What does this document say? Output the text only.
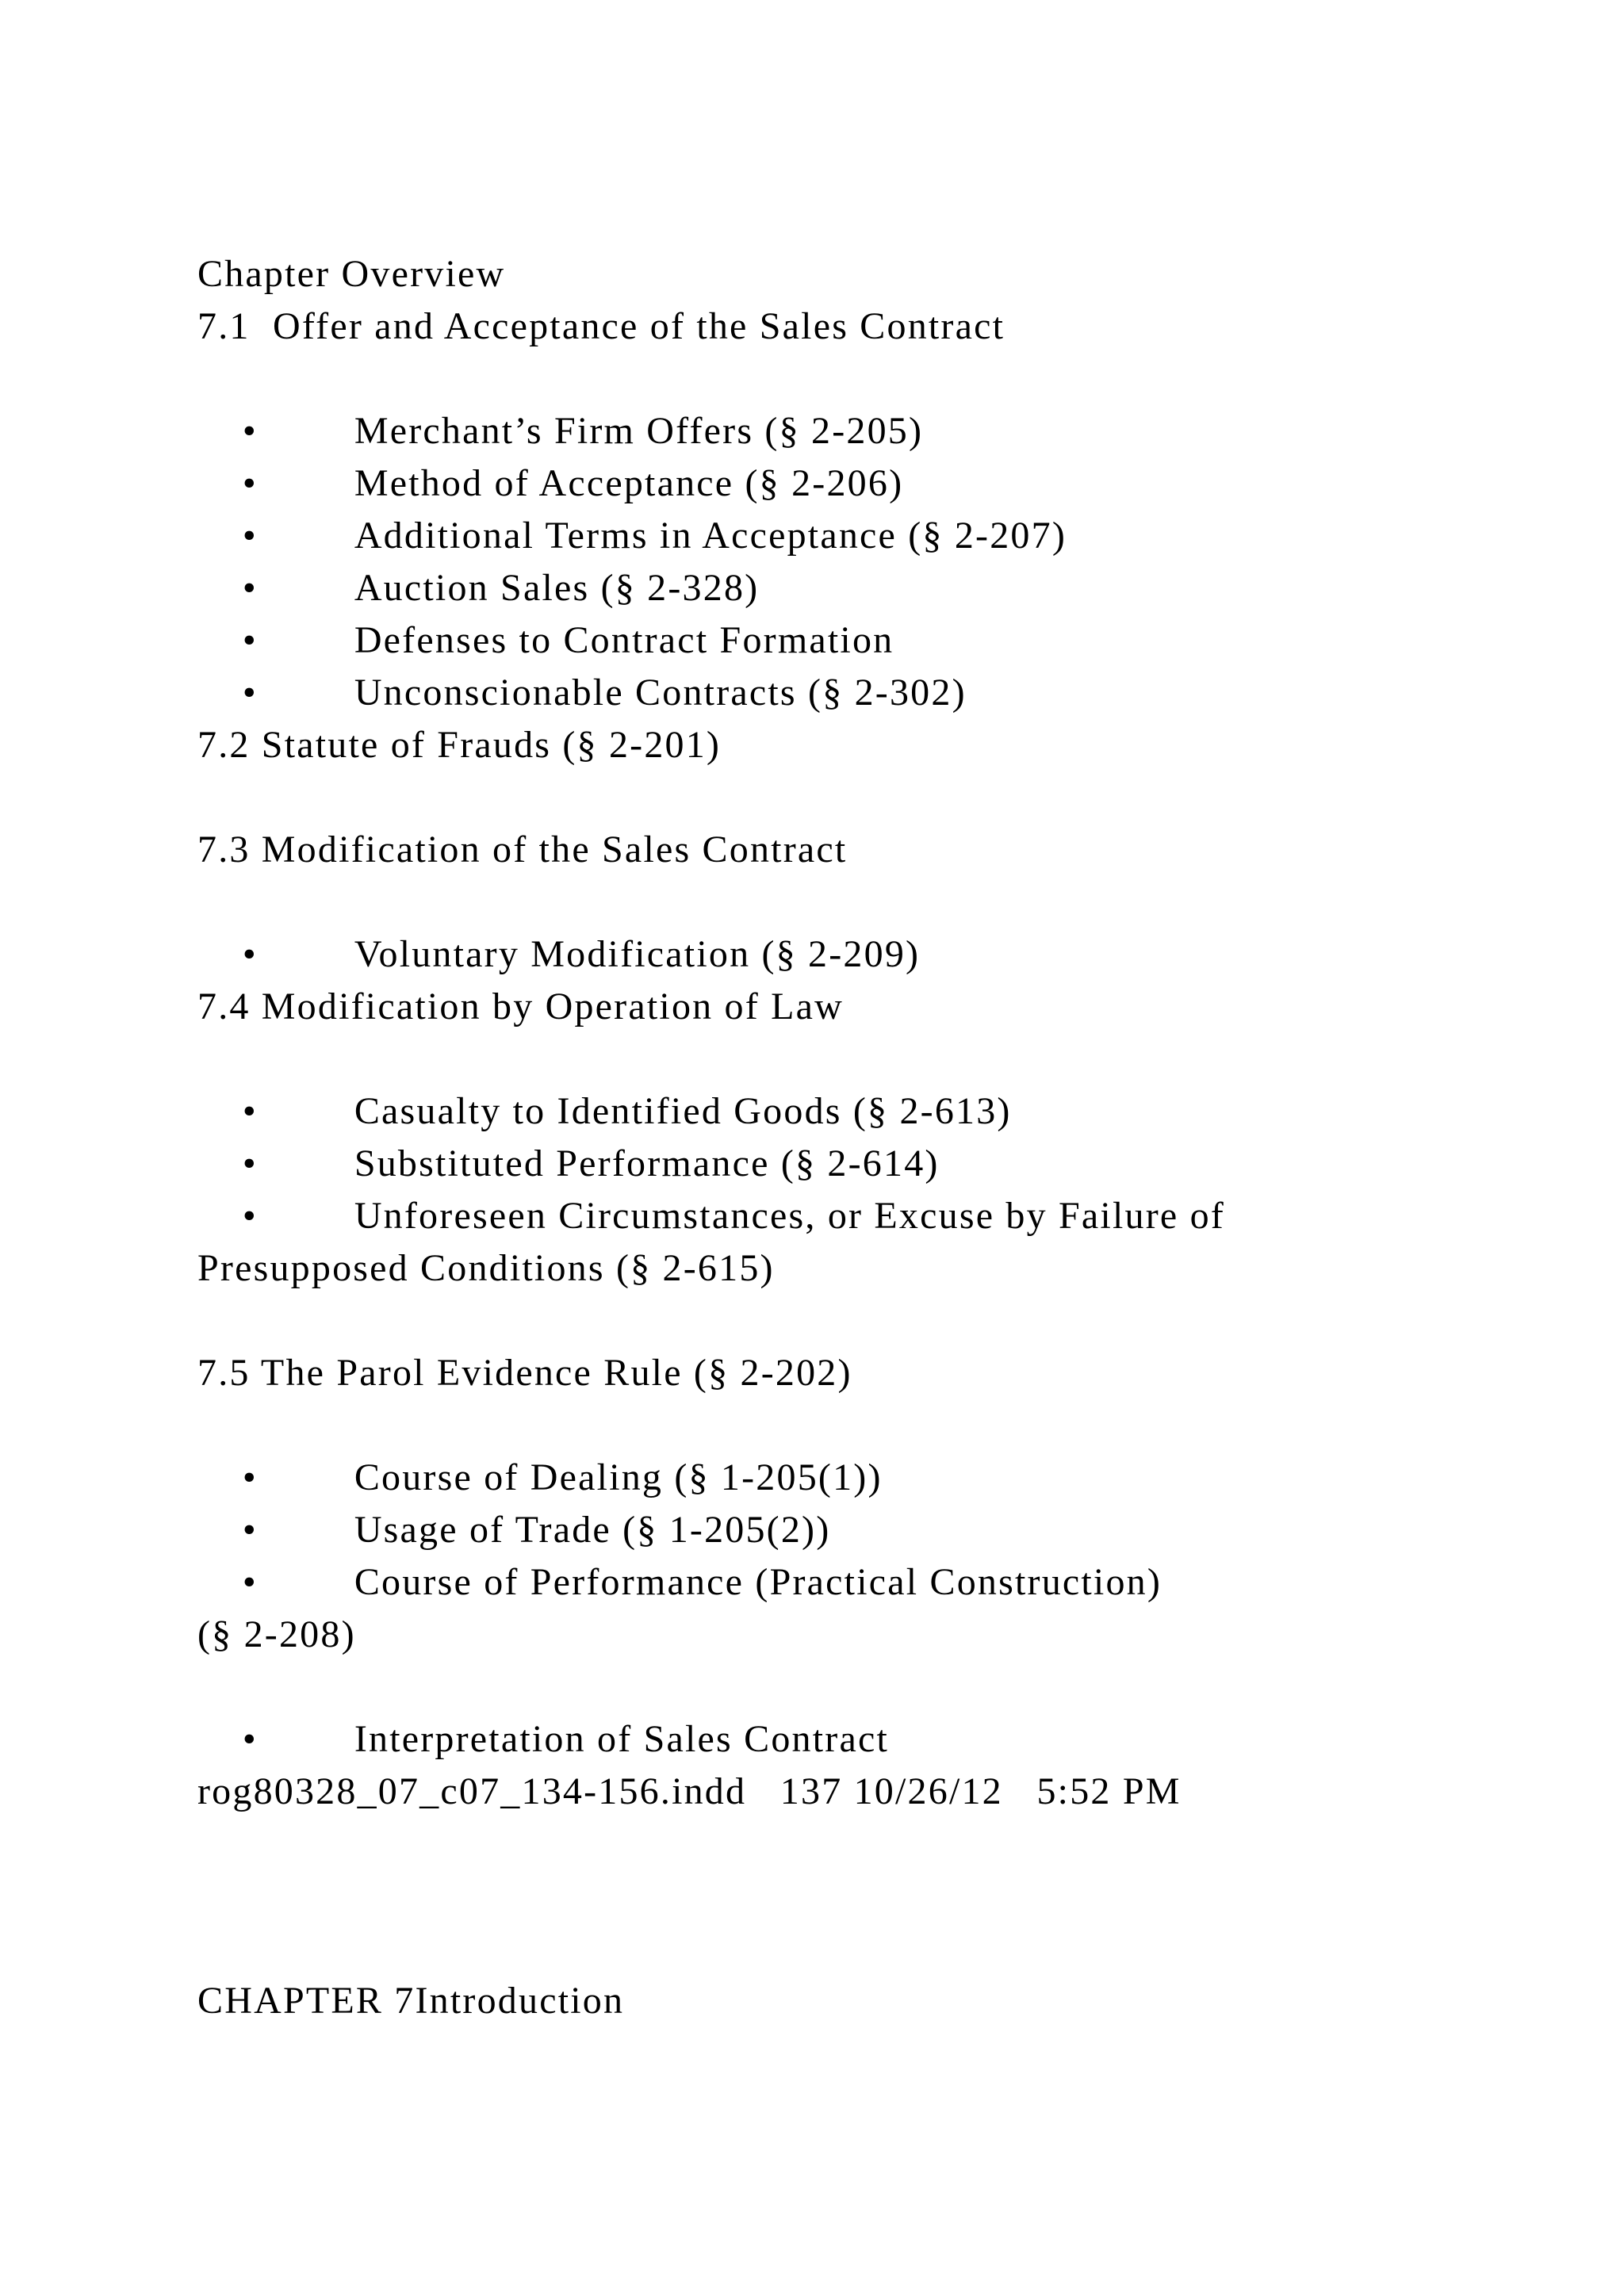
Chapter Overview
7.1  Offer and Acceptance of the Sales Contract

•	Merchant’s Firm Offers (§ 2-205)

•	Method of Acceptance (§ 2-206)

•	Additional Terms in Acceptance (§ 2-207)

•	Auction Sales (§ 2-328)

•	Defenses to Contract Formation

•	Unconscionable Contracts (§ 2-302)

7.2 Statute of Frauds (§ 2-201)
7.3 Modification of the Sales Contract

•	Voluntary Modification (§ 2-209)

7.4 Modification by Operation of Law

•	Casualty to Identified Goods (§ 2-613)

•	Substituted Performance (§ 2-614)

•	Unforeseen Circumstances, or Excuse by Failure of

Presupposed Conditions (§ 2-615)
7.5 The Parol Evidence Rule (§ 2-202)

•	Course of Dealing (§ 1-205(1))

•	Usage of Trade (§ 1-205(2))

•	Course of Performance (Practical Construction)

(§ 2-208)

•	Interpretation of Sales Contract

rog80328_07_c07_134-156.indd   137 10/26/12   5:52 PM
CHAPTER 7Introduction
